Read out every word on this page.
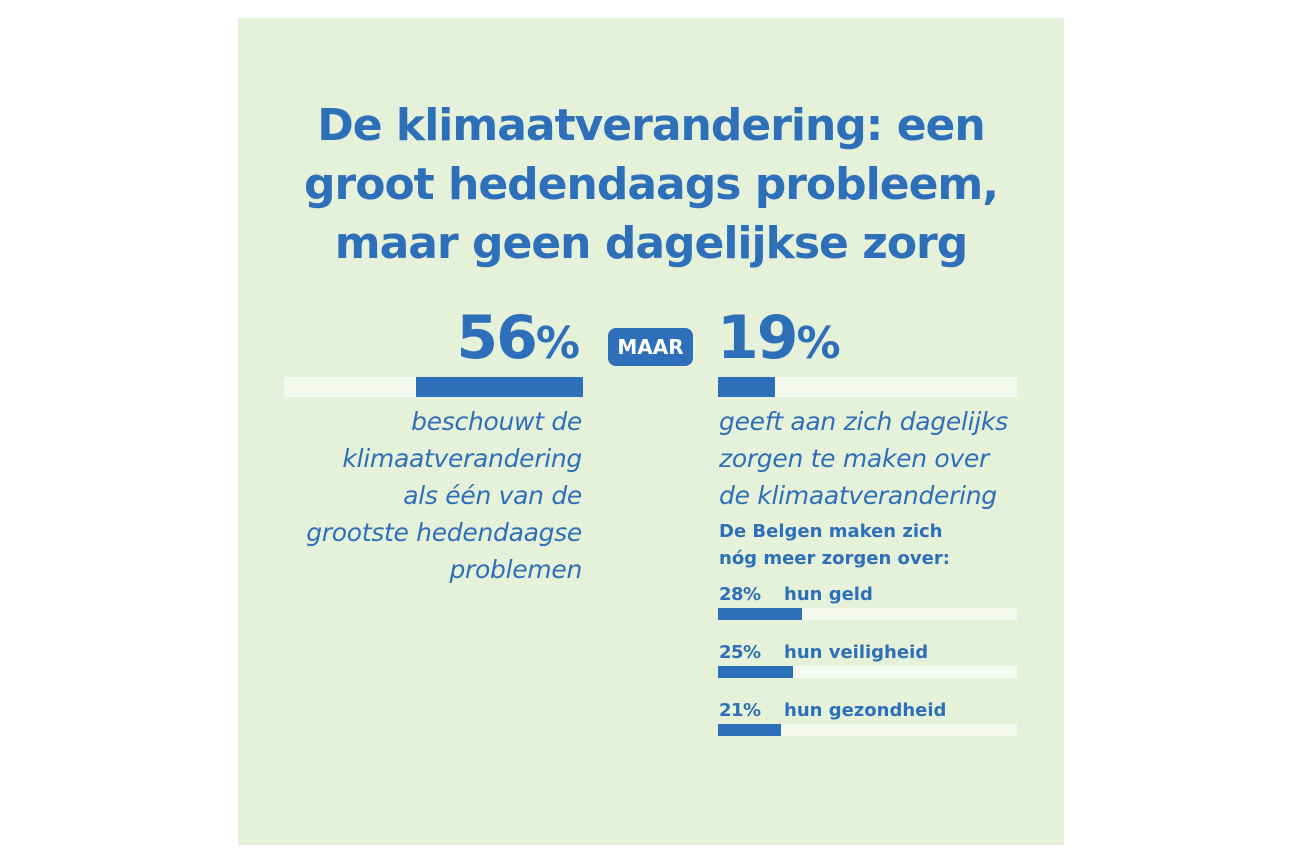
De klimaatverandering: een
groot hedendaags probleem,
maar geen dagelijkse zorg
56%

beschouwt de
klimaatverandering
als één van de
grootste hedendaagse
problemen

MAAR 19%

geeft aan zich dagelijks
zorgen te maken over
de klimaatverandering

De Belgen maken zich
nóg meer zorgen over:

28% hun geld
25% hun veiligheid
21% hun gezondheid
